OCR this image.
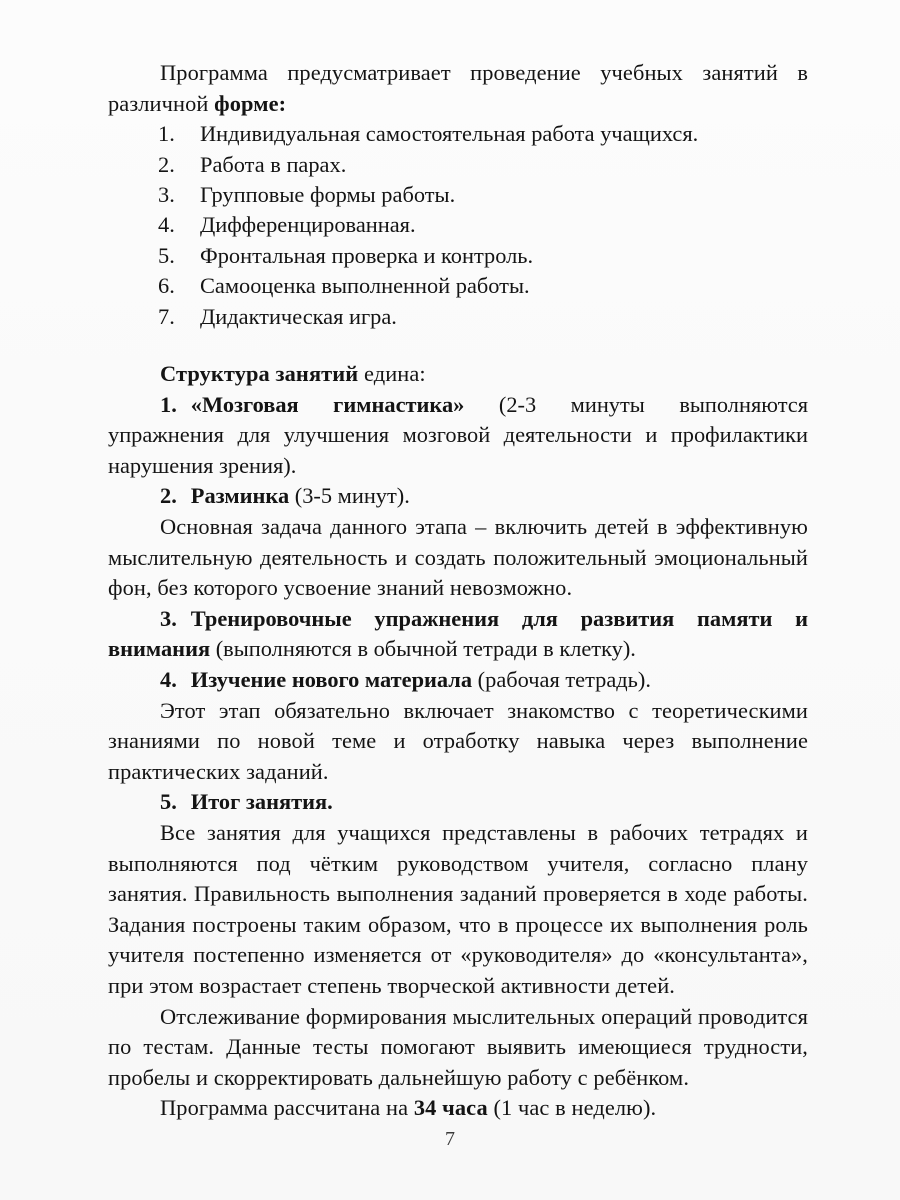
Программа предусматривает проведение учебных занятий в различной форме:

1.	Индивидуальная самостоятельная работа учащихся.
2.	Работа в парах.
3.	Групповые формы работы.
4.	Дифференцированная.
5.	Фронтальная проверка и контроль.
6.	Самооценка выполненной работы.
7.	Дидактическая игра.

Структура занятий едина:

1. «Мозговая гимнастика» (2-3 минуты выполняются упражнения для улучшения мозговой деятельности и профилактики нарушения зрения).

2. Разминка (3-5 минут).

Основная задача данного этапа – включить детей в эффективную мыслительную деятельность и создать положительный эмоциональный фон, без которого усвоение знаний невозможно.

3. Тренировочные упражнения для развития памяти и внимания (выполняются в обычной тетради в клетку).

4. Изучение нового материала (рабочая тетрадь).

Этот этап обязательно включает знакомство с теоретическими знаниями по новой теме и отработку навыка через выполнение практических заданий.

5. Итог занятия.

Все занятия для учащихся представлены в рабочих тетрадях и выполняются под чётким руководством учителя, согласно плану занятия. Правильность выполнения заданий проверяется в ходе работы. Задания построены таким образом, что в процессе их выполнения роль учителя постепенно изменяется от «руководителя» до «консультанта», при этом возрастает степень творческой активности детей.

Отслеживание формирования мыслительных операций проводится по тестам. Данные тесты помогают выявить имеющиеся трудности, пробелы и скорректировать дальнейшую работу с ребёнком.

Программа рассчитана на 34 часа (1 час в неделю).

7
